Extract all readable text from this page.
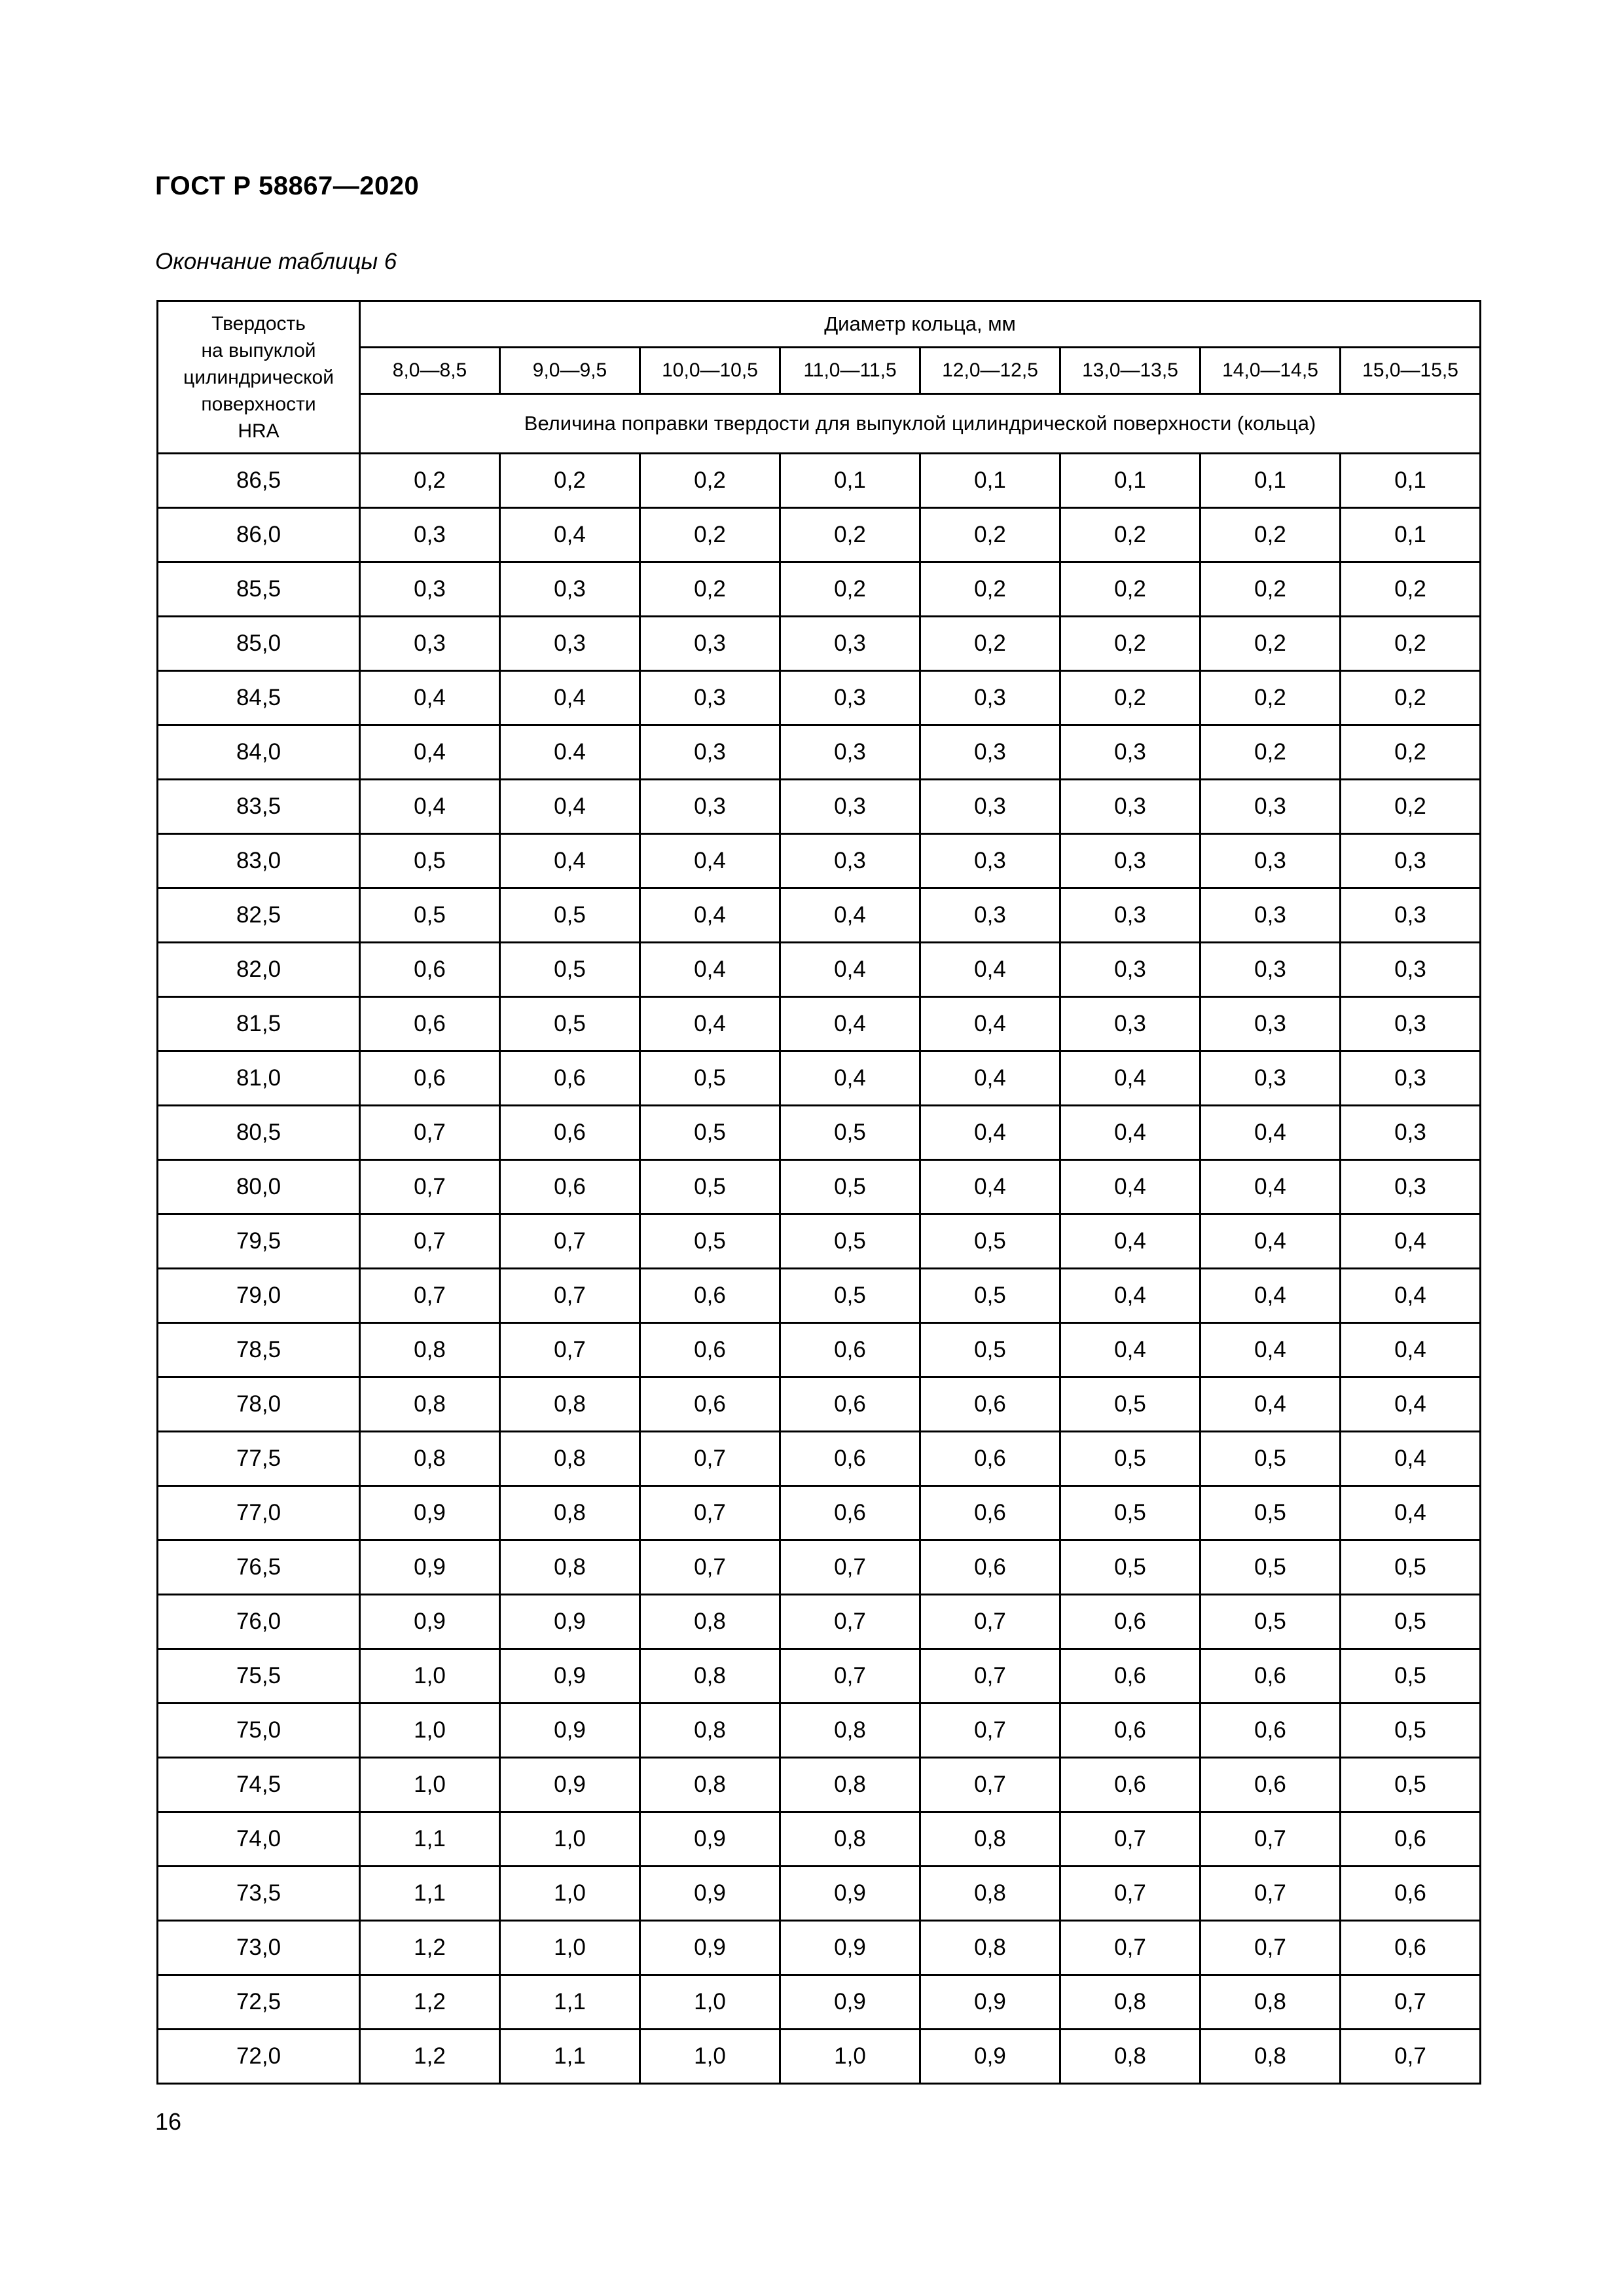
ГОСТ Р 58867—2020
Окончание таблицы 6
Твердость
на выпуклой
цилиндрической
поверхности
HRA	Диаметр кольца, мм							
	8,0—8,5	9,0—9,5	10,0—10,5	11,0—11,5	12,0—12,5	13,0—13,5	14,0—14,5	15,0—15,5
	Величина поправки твердости для выпуклой цилиндрической поверхности (кольца)							
86,5	0,2	0,2	0,2	0,1	0,1	0,1	0,1	0,1
86,0	0,3	0,4	0,2	0,2	0,2	0,2	0,2	0,1
85,5	0,3	0,3	0,2	0,2	0,2	0,2	0,2	0,2
85,0	0,3	0,3	0,3	0,3	0,2	0,2	0,2	0,2
84,5	0,4	0,4	0,3	0,3	0,3	0,2	0,2	0,2
84,0	0,4	0.4	0,3	0,3	0,3	0,3	0,2	0,2
83,5	0,4	0,4	0,3	0,3	0,3	0,3	0,3	0,2
83,0	0,5	0,4	0,4	0,3	0,3	0,3	0,3	0,3
82,5	0,5	0,5	0,4	0,4	0,3	0,3	0,3	0,3
82,0	0,6	0,5	0,4	0,4	0,4	0,3	0,3	0,3
81,5	0,6	0,5	0,4	0,4	0,4	0,3	0,3	0,3
81,0	0,6	0,6	0,5	0,4	0,4	0,4	0,3	0,3
80,5	0,7	0,6	0,5	0,5	0,4	0,4	0,4	0,3
80,0	0,7	0,6	0,5	0,5	0,4	0,4	0,4	0,3
79,5	0,7	0,7	0,5	0,5	0,5	0,4	0,4	0,4
79,0	0,7	0,7	0,6	0,5	0,5	0,4	0,4	0,4
78,5	0,8	0,7	0,6	0,6	0,5	0,4	0,4	0,4
78,0	0,8	0,8	0,6	0,6	0,6	0,5	0,4	0,4
77,5	0,8	0,8	0,7	0,6	0,6	0,5	0,5	0,4
77,0	0,9	0,8	0,7	0,6	0,6	0,5	0,5	0,4
76,5	0,9	0,8	0,7	0,7	0,6	0,5	0,5	0,5
76,0	0,9	0,9	0,8	0,7	0,7	0,6	0,5	0,5
75,5	1,0	0,9	0,8	0,7	0,7	0,6	0,6	0,5
75,0	1,0	0,9	0,8	0,8	0,7	0,6	0,6	0,5
74,5	1,0	0,9	0,8	0,8	0,7	0,6	0,6	0,5
74,0	1,1	1,0	0,9	0,8	0,8	0,7	0,7	0,6
73,5	1,1	1,0	0,9	0,9	0,8	0,7	0,7	0,6
73,0	1,2	1,0	0,9	0,9	0,8	0,7	0,7	0,6
72,5	1,2	1,1	1,0	0,9	0,9	0,8	0,8	0,7
72,0	1,2	1,1	1,0	1,0	0,9	0,8	0,8	0,7
16
